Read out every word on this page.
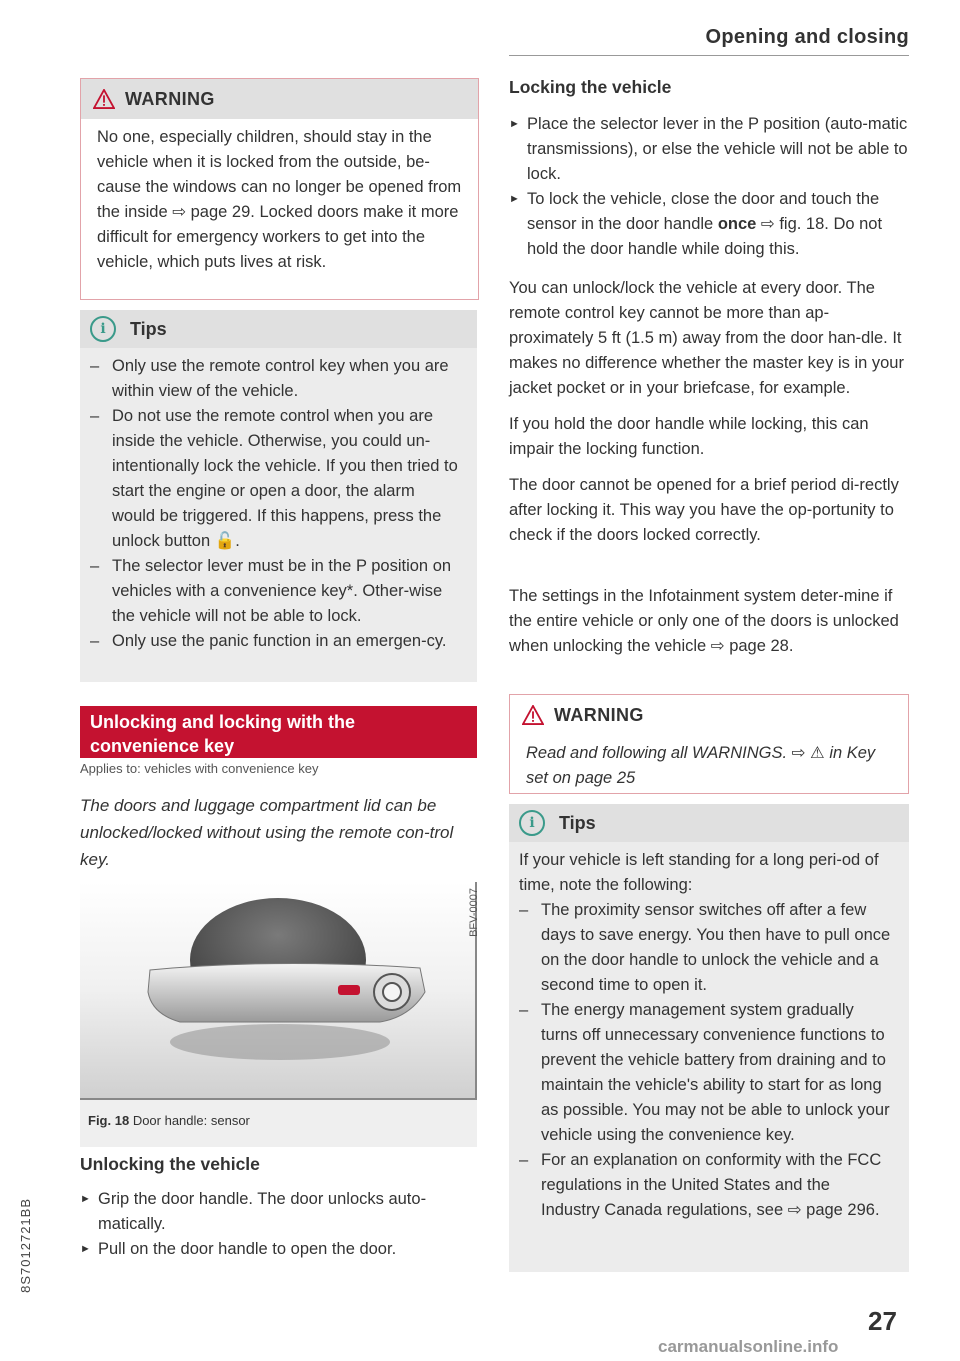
Opening and closing
WARNING
No one, especially children, should stay in the vehicle when it is locked from the outside, be-cause the windows can no longer be opened from the inside ⇨ page 29. Locked doors make it more difficult for emergency workers to get into the vehicle, which puts lives at risk.
i	Tips
– Only use the remote control key when you are within view of the vehicle.
– Do not use the remote control when you are inside the vehicle. Otherwise, you could un-intentionally lock the vehicle. If you then tried to start the engine or open a door, the alarm would be triggered. If this happens, press the unlock button 🔓.
– The selector lever must be in the P position on vehicles with a convenience key*. Other-wise the vehicle will not be able to lock.
– Only use the panic function in an emergen-cy.
Unlocking and locking with the convenience key
Applies to: vehicles with convenience key
The doors and luggage compartment lid can be unlocked/locked without using the remote con-trol key.
BFV-0007
Fig. 18 Door handle: sensor
Unlocking the vehicle
► Grip the door handle. The door unlocks auto-matically.
► Pull on the door handle to open the door.
Locking the vehicle
► Place the selector lever in the P position (auto-matic transmissions), or else the vehicle will not be able to lock.
► To lock the vehicle, close the door and touch the sensor in the door handle once ⇨ fig. 18. Do not hold the door handle while doing this.
You can unlock/lock the vehicle at every door. The remote control key cannot be more than ap-proximately 5 ft (1.5 m) away from the door han-dle. It makes no difference whether the master key is in your jacket pocket or in your briefcase, for example.
If you hold the door handle while locking, this can impair the locking function.
The door cannot be opened for a brief period di-rectly after locking it. This way you have the op-portunity to check if the doors locked correctly.
The settings in the Infotainment system deter-mine if the entire vehicle or only one of the doors is unlocked when unlocking the vehicle ⇨ page 28.
WARNING
Read and following all WARNINGS. ⇨ ⚠ in Key set on page 25
i	Tips
If your vehicle is left standing for a long peri-od of time, note the following:
– The proximity sensor switches off after a few days to save energy. You then have to pull once on the door handle to unlock the vehicle and a second time to open it.
– The energy management system gradually turns off unnecessary convenience functions to prevent the vehicle battery from draining and to maintain the vehicle's ability to start for as long as possible. You may not be able to unlock your vehicle using the convenience key.
– For an explanation on conformity with the FCC regulations in the United States and the Industry Canada regulations, see ⇨ page 296.
8S7012721BB
27
carmanualsonline.info
